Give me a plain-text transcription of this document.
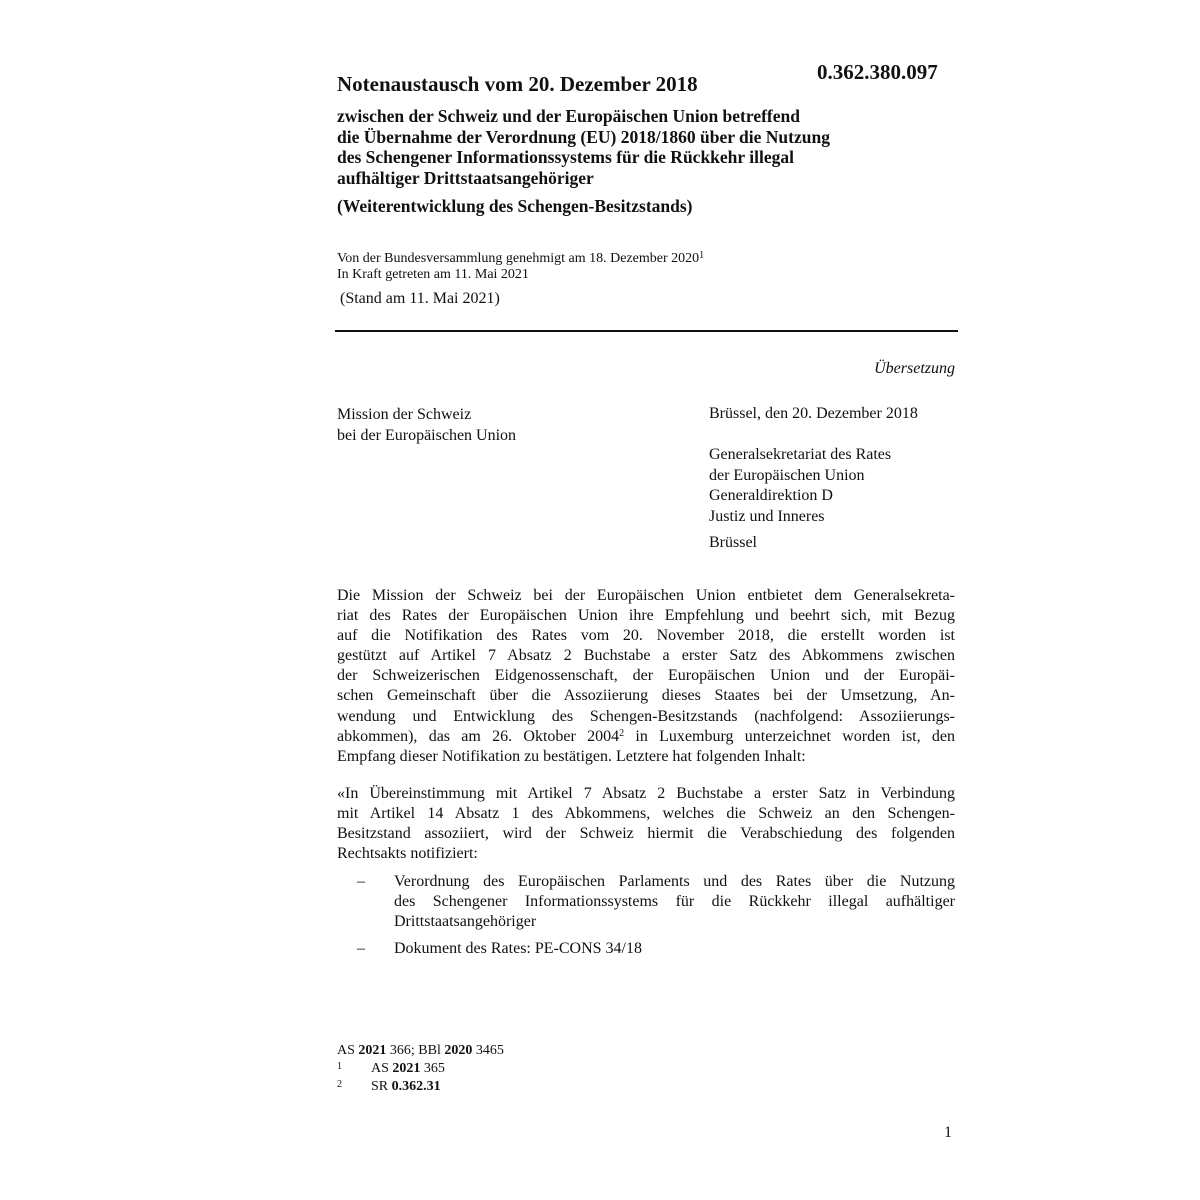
0.362.380.097
Notenaustausch vom 20. Dezember 2018
zwischen der Schweiz und der Europäischen Union betreffend
die Übernahme der Verordnung (EU) 2018/1860 über die Nutzung
des Schengener Informationssystems für die Rückkehr illegal
aufhältiger Drittstaatsangehöriger
(Weiterentwicklung des Schengen-Besitzstands)
Von der Bundesversammlung genehmigt am 18. Dezember 2020$^1$
In Kraft getreten am 11. Mai 2021
(Stand am 11. Mai 2021)
Übersetzung
Mission der Schweiz
bei der Europäischen Union
Brüssel, den 20. Dezember 2018
Generalsekretariat des Rates
der Europäischen Union
Generaldirektion D
Justiz und Inneres
Brüssel
Die Mission der Schweiz bei der Europäischen Union entbietet dem Generalsekreta-
riat des Rates der Europäischen Union ihre Empfehlung und beehrt sich, mit Bezug
auf die Notifikation des Rates vom 20. November 2018, die erstellt worden ist
gestützt auf Artikel 7 Absatz 2 Buchstabe a erster Satz des Abkommens zwischen
der Schweizerischen Eidgenossenschaft, der Europäischen Union und der Europäi-
schen Gemeinschaft über die Assoziierung dieses Staates bei der Umsetzung, An-
wendung und Entwicklung des Schengen-Besitzstands (nachfolgend: Assoziierungs-
abkommen), das am 26. Oktober 2004$^2$ in Luxemburg unterzeichnet worden ist, den
Empfang dieser Notifikation zu bestätigen. Letztere hat folgenden Inhalt:
«In Übereinstimmung mit Artikel 7 Absatz 2 Buchstabe a erster Satz in Verbindung
mit Artikel 14 Absatz 1 des Abkommens, welches die Schweiz an den Schengen-
Besitzstand assoziiert, wird der Schweiz hiermit die Verabschiedung des folgenden
Rechtsakts notifiziert:
– Verordnung des Europäischen Parlaments und des Rates über die Nutzung
des Schengener Informationssystems für die Rückkehr illegal aufhältiger
Drittstaatsangehöriger
– Dokument des Rates: PE-CONS 34/18
AS 2021 366; BBl 2020 3465
1 AS 2021 365
2 SR 0.362.31
1
